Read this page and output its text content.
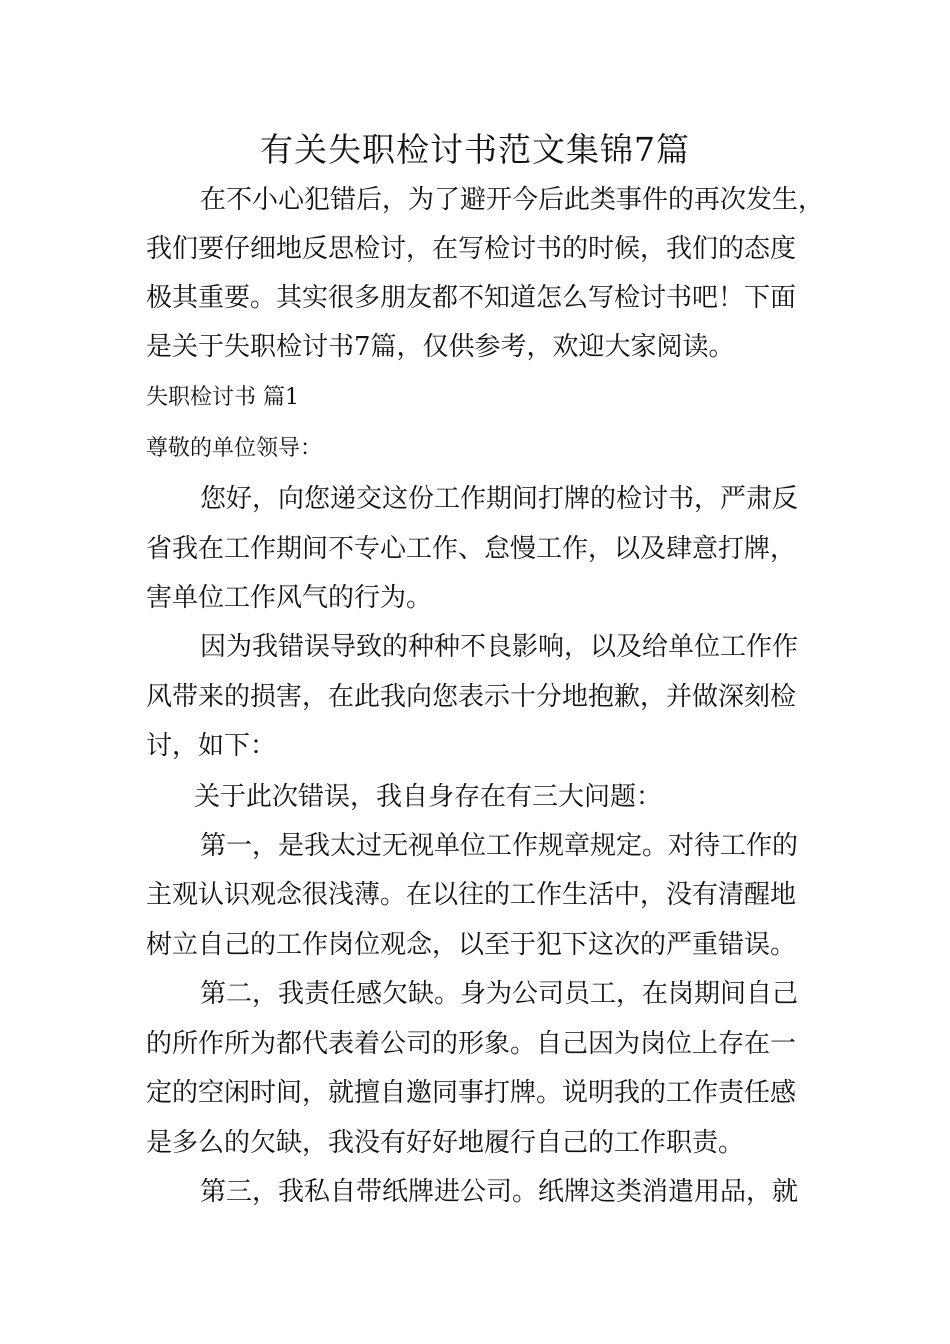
有关失职检讨书范文集锦7篇

在不小心犯错后，为了避开今后此类事件的再次发生，

我们要仔细地反思检讨，在写检讨书的时候，我们的态度

极其重要。其实很多朋友都不知道怎么写检讨书吧！下面

是关于失职检讨书7篇，仅供参考，欢迎大家阅读。

失职检讨书 篇1

尊敬的单位领导：

您好，向您递交这份工作期间打牌的检讨书，严肃反

省我在工作期间不专心工作、怠慢工作，以及肆意打牌，

害单位工作风气的行为。

因为我错误导致的种种不良影响，以及给单位工作作

风带来的损害，在此我向您表示十分地抱歉，并做深刻检

讨，如下：

关于此次错误，我自身存在有三大问题：

第一，是我太过无视单位工作规章规定。对待工作的

主观认识观念很浅薄。在以往的工作生活中，没有清醒地

树立自己的工作岗位观念，以至于犯下这次的严重错误。

第二，我责任感欠缺。身为公司员工，在岗期间自己

的所作所为都代表着公司的形象。自己因为岗位上存在一

定的空闲时间，就擅自邀同事打牌。说明我的工作责任感

是多么的欠缺，我没有好好地履行自己的工作职责。

第三，我私自带纸牌进公司。纸牌这类消遣用品，就
